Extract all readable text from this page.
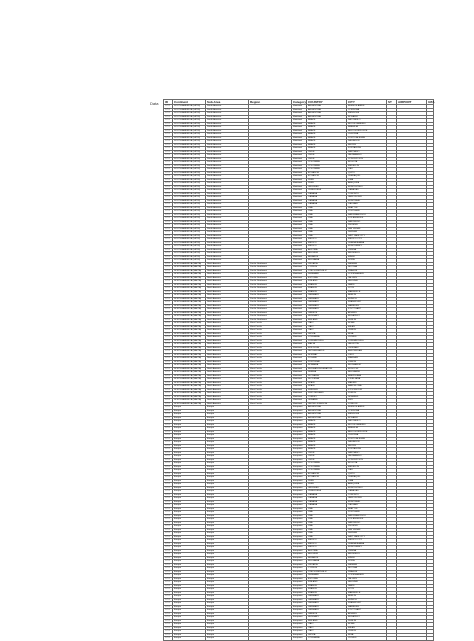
Data ID	Continent	Sub-Area	Region	Category	COUNTRY	CITY	ST	AIRPORT	IATA
7717	SOUTH AMERICA (LATIN)	South America		Mainland	ARGENTINA	BUENOS AIRES			
7717	SOUTH AMERICA (LATIN)	South America		Mainland	ARGENTINA	CORDOBA			
7717	SOUTH AMERICA (LATIN)	South America		Mainland	ARGENTINA	MENDOZA			
7717	SOUTH AMERICA (LATIN)	South America		Mainland	ARGENTINA	ROSARIO			
7717	SOUTH AMERICA (LATIN)	South America		Mainland	BRAZIL	SAO PAULO			
7717	SOUTH AMERICA (LATIN)	South America		Mainland	BRAZIL	RIO DE JANEIRO			
7717	SOUTH AMERICA (LATIN)	South America		Mainland	BRAZIL	BRASILIA			
7717	SOUTH AMERICA (LATIN)	South America		Mainland	BRAZIL	BELO HORIZONTE			
7717	SOUTH AMERICA (LATIN)	South America		Mainland	BRAZIL	CURITIBA			
7717	SOUTH AMERICA (LATIN)	South America		Mainland	BRAZIL	PORTO ALEGRE			
7717	SOUTH AMERICA (LATIN)	South America		Mainland	BRAZIL	SALVADOR			
7717	SOUTH AMERICA (LATIN)	South America		Mainland	BRAZIL	RECIFE			
7717	SOUTH AMERICA (LATIN)	South America		Mainland	BRAZIL	FORTALEZA			
7717	SOUTH AMERICA (LATIN)	South America		Mainland	CHILE	SANTIAGO			
7717	SOUTH AMERICA (LATIN)	South America		Mainland	CHILE	VALPARAISO			
7717	SOUTH AMERICA (LATIN)	South America		Mainland	CHILE	CONCEPCION			
7717	SOUTH AMERICA (LATIN)	South America		Mainland	COLOMBIA	BOGOTA			
7717	SOUTH AMERICA (LATIN)	South America		Mainland	COLOMBIA	MEDELLIN			
7717	SOUTH AMERICA (LATIN)	South America		Mainland	COLOMBIA	CALI			
7717	SOUTH AMERICA (LATIN)	South America		Mainland	ECUADOR	QUITO			
7717	SOUTH AMERICA (LATIN)	South America		Mainland	ECUADOR	GUAYAQUIL			
7717	SOUTH AMERICA (LATIN)	South America		Mainland	PERU	LIMA			
7717	SOUTH AMERICA (LATIN)	South America		Mainland	PERU	AREQUIPA			
7717	SOUTH AMERICA (LATIN)	South America		Mainland	URUGUAY	MONTEVIDEO			
7717	SOUTH AMERICA (LATIN)	South America		Mainland	VENEZUELA	CARACAS			
7717	SOUTH AMERICA (LATIN)	South America		Mainland	CANADA	TORONTO			
7717	SOUTH AMERICA (LATIN)	South America		Mainland	CANADA	VANCOUVER			
7717	SOUTH AMERICA (LATIN)	South America		Mainland	CANADA	MONTREAL			
7717	SOUTH AMERICA (LATIN)	South America		Mainland	CANADA	CALGARY			
7717	SOUTH AMERICA (LATIN)	South America		Mainland	USA	SEATTLE			
7717	SOUTH AMERICA (LATIN)	South America		Mainland	USA	PORTLAND			
7717	SOUTH AMERICA (LATIN)	South America		Mainland	USA	SAN FRANCISCO			
7717	SOUTH AMERICA (LATIN)	South America		Mainland	USA	LOS ANGELES			
7717	SOUTH AMERICA (LATIN)	South America		Mainland	USA	SAN DIEGO			
7717	SOUTH AMERICA (LATIN)	South America		Mainland	USA	PHOENIX			
7717	SOUTH AMERICA (LATIN)	South America		Mainland	USA	LAS VEGAS			
7717	SOUTH AMERICA (LATIN)	South America		Mainland	USA	DENVER			
7717	SOUTH AMERICA (LATIN)	South America		Mainland	USA	SALT LAKE CITY			
7717	SOUTH AMERICA (LATIN)	South America		Mainland	MEXICO	MEXICO CITY			
7717	SOUTH AMERICA (LATIN)	South America		Mainland	MEXICO	GUADALAJARA			
7717	SOUTH AMERICA (LATIN)	South America		Mainland	MEXICO	MONTERREY			
7717	SOUTH AMERICA (LATIN)	South America		Mainland	AUSTRIA	VIENNA			
7717	SOUTH AMERICA (LATIN)	South America		Mainland	BELGIUM	BRUSSELS			
7717	SOUTH AMERICA (LATIN)	South America		Mainland	BELARUS	MINSK			
7717	SOUTH AMERICA (LATIN)	South America		Mainland	BULGARIA	SOFIA			
7717	NORTH AMERICA (NAFTA)	North America	Pacific Northwest	Mainland	CROATIA	ZAGREB			
7717	NORTH AMERICA (NAFTA)	North America	Pacific Northwest	Mainland	CYPRUS	NICOSIA			
7717	NORTH AMERICA (NAFTA)	North America	Pacific Northwest	Mainland	CZECH REPUBLIC	PRAGUE			
7717	NORTH AMERICA (NAFTA)	North America	Pacific Northwest	Mainland	DENMARK	COPENHAGEN			
7717	NORTH AMERICA (NAFTA)	North America	Pacific Northwest	Mainland	ESTONIA	TALLINN			
7717	NORTH AMERICA (NAFTA)	North America	Pacific Northwest	Mainland	FINLAND	HELSINKI			
7717	NORTH AMERICA (NAFTA)	North America	Pacific Northwest	Mainland	FRANCE	PARIS			
7717	NORTH AMERICA (NAFTA)	North America	Pacific Northwest	Mainland	FRANCE	LYON			
7717	NORTH AMERICA (NAFTA)	North America	Pacific Northwest	Mainland	FRANCE	MARSEILLE			
7717	NORTH AMERICA (NAFTA)	North America	Pacific Northwest	Mainland	GERMANY	BERLIN			
7717	NORTH AMERICA (NAFTA)	North America	Pacific Northwest	Mainland	GERMANY	MUNICH			
7717	NORTH AMERICA (NAFTA)	North America	Pacific Northwest	Mainland	GERMANY	FRANKFURT			
7717	NORTH AMERICA (NAFTA)	North America	Pacific Northwest	Mainland	GERMANY	HAMBURG			
7717	NORTH AMERICA (NAFTA)	North America	Pacific Northwest	Mainland	GERMANY	STUTTGART			
7717	NORTH AMERICA (NAFTA)	North America	Pacific Northwest	Mainland	GREECE	ATHENS			
7717	NORTH AMERICA (NAFTA)	North America	Pacific Northwest	Mainland	HUNGARY	BUDAPEST			
7717	NORTH AMERICA (NAFTA)	North America	Pacific Northwest	Mainland	IRELAND	DUBLIN			
7717	NORTH AMERICA (NAFTA)	North America	West Pacific	Mainland	ITALY	ROME			
7717	NORTH AMERICA (NAFTA)	North America	West Pacific	Mainland	ITALY	MILAN			
7717	NORTH AMERICA (NAFTA)	North America	West Pacific	Mainland	ITALY	VENICE			
7717	NORTH AMERICA (NAFTA)	North America	West Pacific	Mainland	LATVIA	RIGA			
7717	NORTH AMERICA (NAFTA)	North America	West Pacific	Mainland	LITHUANIA	VILNIUS			
7717	NORTH AMERICA (NAFTA)	North America	West Pacific	Mainland	LUXEMBOURG	LUXEMBOURG			
7717	NORTH AMERICA (NAFTA)	North America	West Pacific	Mainland	MALTA	VALLETTA			
7717	NORTH AMERICA (NAFTA)	North America	West Pacific	Mainland	MOLDOVA	CHISINAU			
7717	NORTH AMERICA (NAFTA)	North America	West Pacific	Mainland	NETHERLANDS	AMSTERDAM			
7717	NORTH AMERICA (NAFTA)	North America	West Pacific	Mainland	NORWAY	OSLO			
7717	NORTH AMERICA (NAFTA)	North America	West Pacific	Mainland	POLAND	WARSAW			
7717	NORTH AMERICA (NAFTA)	North America	West Pacific	Mainland	PORTUGAL	LISBON			
7717	NORTH AMERICA (NAFTA)	North America	West Pacific	Mainland	ROMANIA	BUCHAREST			
7717	NORTH AMERICA (NAFTA)	North America	West Pacific	Mainland	RUSSIAN FEDERATION	MOSCOW			
7717	NORTH AMERICA (NAFTA)	North America	West Pacific	Mainland	SERBIA	BELGRADE			
7717	NORTH AMERICA (NAFTA)	North America	West Pacific	Mainland	SLOVAKIA	BRATISLAVA			
7717	NORTH AMERICA (NAFTA)	North America	West Pacific	Mainland	SLOVENIA	LJUBLJANA			
7717	NORTH AMERICA (NAFTA)	North America	West Pacific	Mainland	SPAIN	MADRID			
7717	NORTH AMERICA (NAFTA)	North America	West Pacific	Mainland	SPAIN	BARCELONA			
7717	NORTH AMERICA (NAFTA)	North America	West Pacific	Mainland	SWEDEN	STOCKHOLM			
7717	NORTH AMERICA (NAFTA)	North America	West Pacific	Mainland	SWITZERLAND	ZURICH			
7717	NORTH AMERICA (NAFTA)	North America	West Pacific	Mainland	TURKEY	ISTANBUL			
7717	NORTH AMERICA (NAFTA)	North America	West Pacific	Mainland	UKRAINE	KIEV			
7717	NORTH AMERICA (NAFTA)	North America	West Pacific	Mainland	UNITED KINGDOM	LONDON			
7717	Europe	Europe		European	ARGENTINA	BUENOS AIRES			
7717	Europe	Europe		European	ARGENTINA	CORDOBA			
7717	Europe	Europe		European	ARGENTINA	MENDOZA			
7717	Europe	Europe		European	ARGENTINA	ROSARIO			
7717	Europe	Europe		European	BRAZIL	SAO PAULO			
7717	Europe	Europe		European	BRAZIL	RIO DE JANEIRO			
7717	Europe	Europe		European	BRAZIL	BRASILIA			
7717	Europe	Europe		European	BRAZIL	BELO HORIZONTE			
7717	Europe	Europe		European	BRAZIL	CURITIBA			
7717	Europe	Europe		European	BRAZIL	PORTO ALEGRE			
7717	Europe	Europe		European	BRAZIL	SALVADOR			
7717	Europe	Europe		European	BRAZIL	RECIFE			
7717	Europe	Europe		European	BRAZIL	FORTALEZA			
7717	Europe	Europe		European	CHILE	SANTIAGO			
7717	Europe	Europe		European	CHILE	VALPARAISO			
7717	Europe	Europe		European	CHILE	CONCEPCION			
7717	Europe	Europe		European	COLOMBIA	BOGOTA			
7717	Europe	Europe		European	COLOMBIA	MEDELLIN			
7717	Europe	Europe		European	COLOMBIA	CALI			
7717	Europe	Europe		European	ECUADOR	QUITO			
7717	Europe	Europe		European	ECUADOR	GUAYAQUIL			
7717	Europe	Europe		European	PERU	LIMA			
7717	Europe	Europe		European	PERU	AREQUIPA			
7717	Europe	Europe		European	URUGUAY	MONTEVIDEO			
7717	Europe	Europe		European	VENEZUELA	CARACAS			
7717	Europe	Europe		European	CANADA	TORONTO			
7717	Europe	Europe		European	CANADA	VANCOUVER			
7717	Europe	Europe		European	CANADA	MONTREAL			
7717	Europe	Europe		European	CANADA	CALGARY			
7717	Europe	Europe		European	USA	SEATTLE			
7717	Europe	Europe		European	USA	PORTLAND			
7717	Europe	Europe		European	USA	SAN FRANCISCO			
7717	Europe	Europe		European	USA	LOS ANGELES			
7717	Europe	Europe		European	USA	SAN DIEGO			
7717	Europe	Europe		European	USA	PHOENIX			
7717	Europe	Europe		European	USA	LAS VEGAS			
7717	Europe	Europe		European	USA	DENVER			
7717	Europe	Europe		European	USA	SALT LAKE CITY			
7717	Europe	Europe		European	MEXICO	MEXICO CITY			
7717	Europe	Europe		European	MEXICO	GUADALAJARA			
7717	Europe	Europe		European	MEXICO	MONTERREY			
7717	Europe	Europe		European	AUSTRIA	VIENNA			
7717	Europe	Europe		European	BELGIUM	BRUSSELS			
7717	Europe	Europe		European	BELARUS	MINSK			
7717	Europe	Europe		European	BULGARIA	SOFIA			
7717	Europe	Europe		European	CROATIA	ZAGREB			
7717	Europe	Europe		European	CYPRUS	NICOSIA			
7717	Europe	Europe		European	CZECH REPUBLIC	PRAGUE			
7717	Europe	Europe		European	DENMARK	COPENHAGEN			
7717	Europe	Europe		European	ESTONIA	TALLINN			
7717	Europe	Europe		European	FINLAND	HELSINKI			
7717	Europe	Europe		European	FRANCE	PARIS			
7717	Europe	Europe		European	FRANCE	LYON			
7717	Europe	Europe		European	FRANCE	MARSEILLE			
7717	Europe	Europe		European	GERMANY	BERLIN			
7717	Europe	Europe		European	GERMANY	MUNICH			
7717	Europe	Europe		European	GERMANY	FRANKFURT			
7717	Europe	Europe		European	GERMANY	HAMBURG			
7717	Europe	Europe		European	GERMANY	STUTTGART			
7717	Europe	Europe		European	GREECE	ATHENS			
7717	Europe	Europe		European	HUNGARY	BUDAPEST			
7717	Europe	Europe		European	IRELAND	DUBLIN			
7717	Europe	Europe		European	ITALY	ROME			
7717	Europe	Europe		European	ITALY	MILAN			
7717	Europe	Europe		European	ITALY	VENICE			
7717	Europe	Europe		European	LATVIA	RIGA			
7717	Europe	Europe		European	LITHUANIA	VILNIUS			
